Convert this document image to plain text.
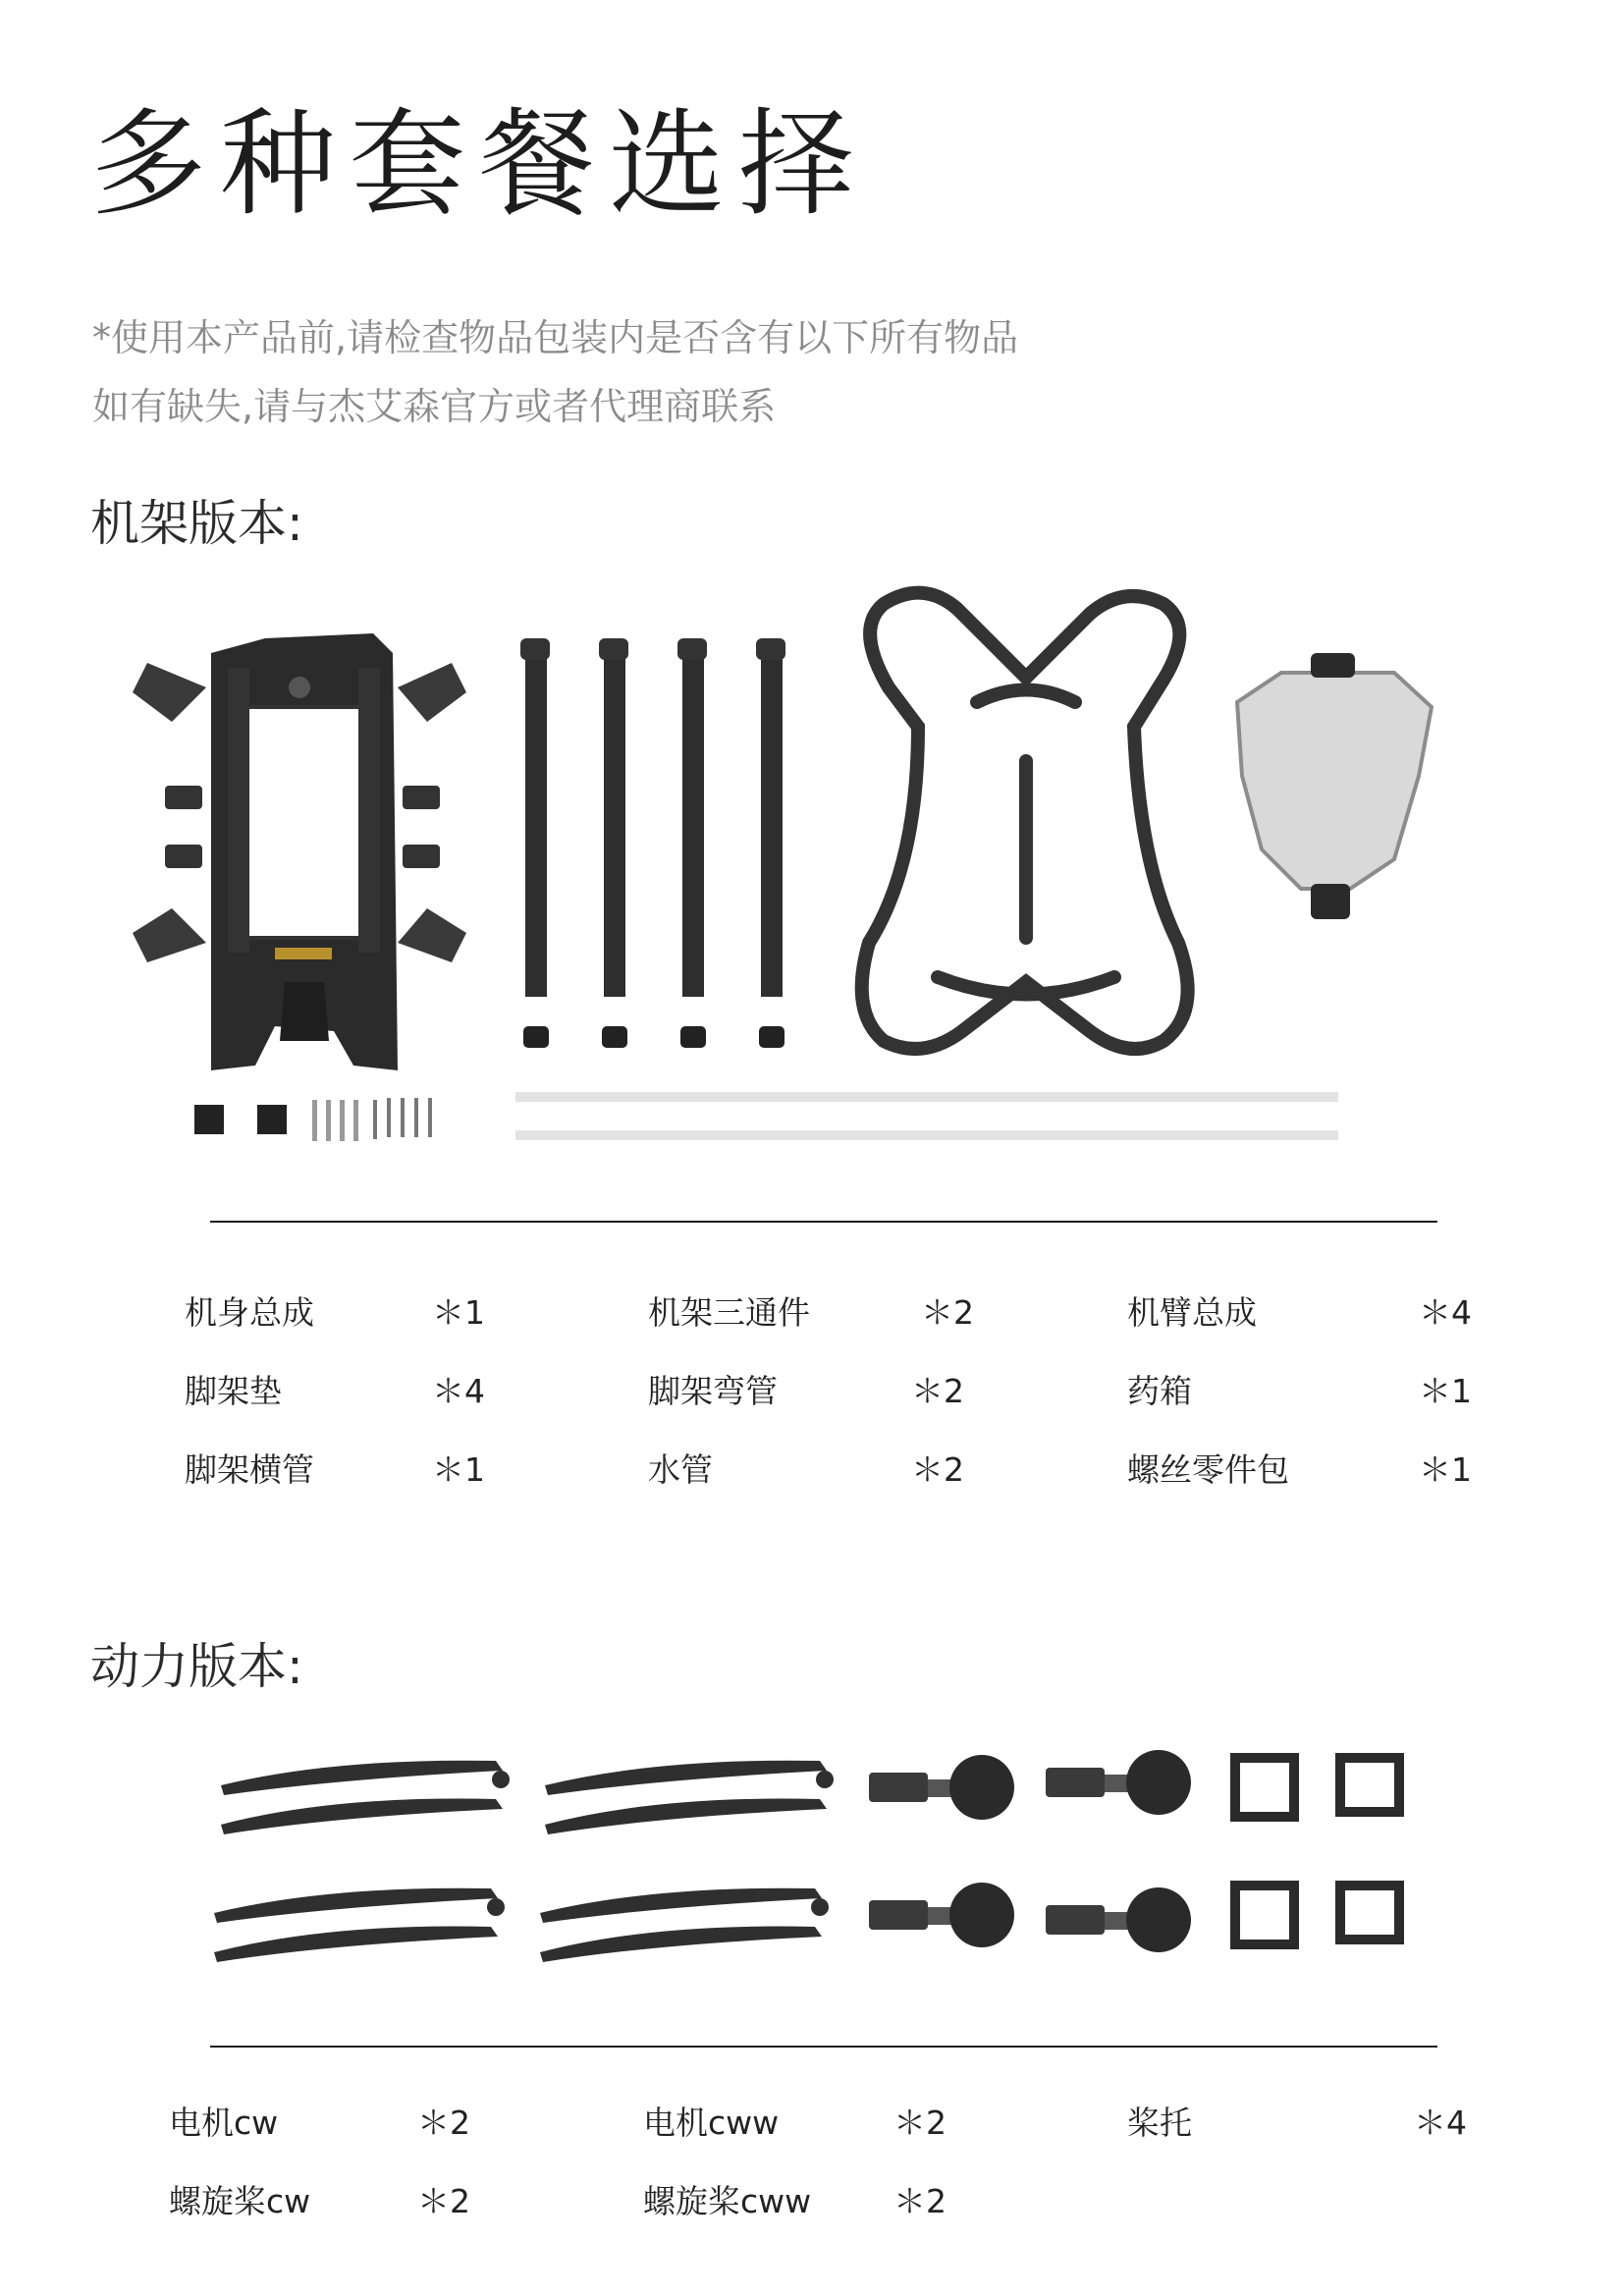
多种套餐选择
*使用本产品前,请检查物品包装内是否含有以下所有物品
如有缺失,请与杰艾森官方或者代理商联系
机架版本:
机身总成	＊1	机架三通件	＊2	机臂总成	＊4
脚架垫	＊4	脚架弯管	＊2	药箱	＊1
脚架横管	＊1	水管	＊2	螺丝零件包	＊1
动力版本:
电机cw	＊2	电机cww	＊2	桨托	＊4
螺旋桨cw	＊2	螺旋桨cww	＊2
